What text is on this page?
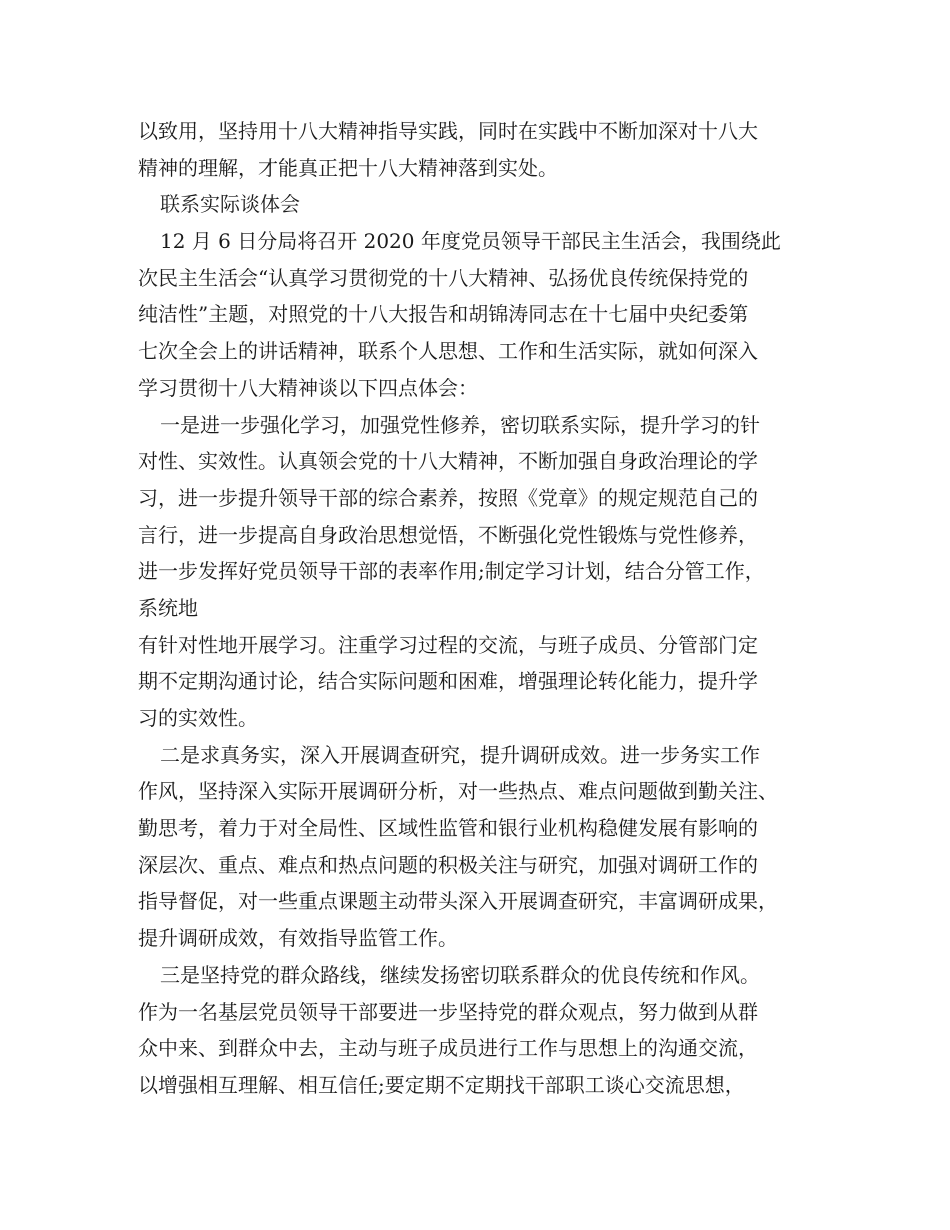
以致用，坚持用十八大精神指导实践，同时在实践中不断加深对十八大
精神的理解，才能真正把十八大精神落到实处。
联系实际谈体会
12 月 6 日分局将召开 2020 年度党员领导干部民主生活会，我围绕此
次民主生活会“认真学习贯彻党的十八大精神、弘扬优良传统保持党的
纯洁性”主题，对照党的十八大报告和胡锦涛同志在十七届中央纪委第
七次全会上的讲话精神，联系个人思想、工作和生活实际，就如何深入
学习贯彻十八大精神谈以下四点体会：
一是进一步强化学习，加强党性修养，密切联系实际，提升学习的针
对性、实效性。认真领会党的十八大精神，不断加强自身政治理论的学
习，进一步提升领导干部的综合素养，按照《党章》的规定规范自己的
言行，进一步提高自身政治思想觉悟，不断强化党性锻炼与党性修养，
进一步发挥好党员领导干部的表率作用;制定学习计划，结合分管工作，
系统地
有针对性地开展学习。注重学习过程的交流，与班子成员、分管部门定
期不定期沟通讨论，结合实际问题和困难，增强理论转化能力，提升学
习的实效性。
二是求真务实，深入开展调查研究，提升调研成效。进一步务实工作
作风，坚持深入实际开展调研分析，对一些热点、难点问题做到勤关注、
勤思考，着力于对全局性、区域性监管和银行业机构稳健发展有影响的
深层次、重点、难点和热点问题的积极关注与研究，加强对调研工作的
指导督促，对一些重点课题主动带头深入开展调查研究，丰富调研成果，
提升调研成效，有效指导监管工作。
三是坚持党的群众路线，继续发扬密切联系群众的优良传统和作风。
作为一名基层党员领导干部要进一步坚持党的群众观点，努力做到从群
众中来、到群众中去，主动与班子成员进行工作与思想上的沟通交流，
以增强相互理解、相互信任;要定期不定期找干部职工谈心交流思想，
